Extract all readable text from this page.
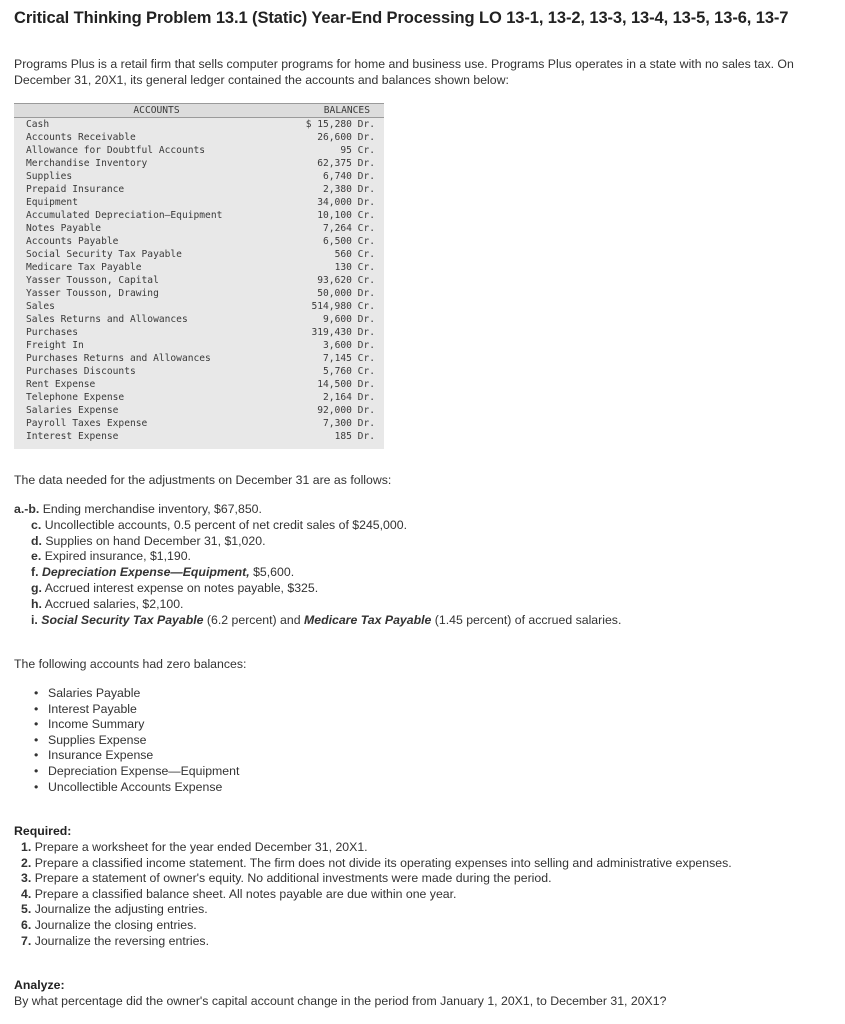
Critical Thinking Problem 13.1 (Static) Year-End Processing LO 13-1, 13-2, 13-3, 13-4, 13-5, 13-6, 13-7

Programs Plus is a retail firm that sells computer programs for home and business use. Programs Plus operates in a state with no sales tax. On December 31, 20X1, its general ledger contained the accounts and balances shown below:

ACCOUNTS	BALANCES
Cash	$ 15,280 Dr.
Accounts Receivable	26,600 Dr.
Allowance for Doubtful Accounts	95 Cr.
Merchandise Inventory	62,375 Dr.
Supplies	6,740 Dr.
Prepaid Insurance	2,380 Dr.
Equipment	34,000 Dr.
Accumulated Depreciation–Equipment	10,100 Cr.
Notes Payable	7,264 Cr.
Accounts Payable	6,500 Cr.
Social Security Tax Payable	560 Cr.
Medicare Tax Payable	130 Cr.
Yasser Tousson, Capital	93,620 Cr.
Yasser Tousson, Drawing	50,000 Dr.
Sales	514,980 Cr.
Sales Returns and Allowances	9,600 Dr.
Purchases	319,430 Dr.
Freight In	3,600 Dr.
Purchases Returns and Allowances	7,145 Cr.
Purchases Discounts	5,760 Cr.
Rent Expense	14,500 Dr.
Telephone Expense	2,164 Dr.
Salaries Expense	92,000 Dr.
Payroll Taxes Expense	7,300 Dr.
Interest Expense	185 Dr.

The data needed for the adjustments on December 31 are as follows:

a.-b. Ending merchandise inventory, $67,850.
c. Uncollectible accounts, 0.5 percent of net credit sales of $245,000.
d. Supplies on hand December 31, $1,020.
e. Expired insurance, $1,190.
f. Depreciation Expense—Equipment, $5,600.
g. Accrued interest expense on notes payable, $325.
h. Accrued salaries, $2,100.
i. Social Security Tax Payable (6.2 percent) and Medicare Tax Payable (1.45 percent) of accrued salaries.

The following accounts had zero balances:

• Salaries Payable
• Interest Payable
• Income Summary
• Supplies Expense
• Insurance Expense
• Depreciation Expense—Equipment
• Uncollectible Accounts Expense
Required:
1. Prepare a worksheet for the year ended December 31, 20X1.
2. Prepare a classified income statement. The firm does not divide its operating expenses into selling and administrative expenses.
3. Prepare a statement of owner's equity. No additional investments were made during the period.
4. Prepare a classified balance sheet. All notes payable are due within one year.
5. Journalize the adjusting entries.
6. Journalize the closing entries.
7. Journalize the reversing entries.
Analyze:
By what percentage did the owner's capital account change in the period from January 1, 20X1, to December 31, 20X1?
